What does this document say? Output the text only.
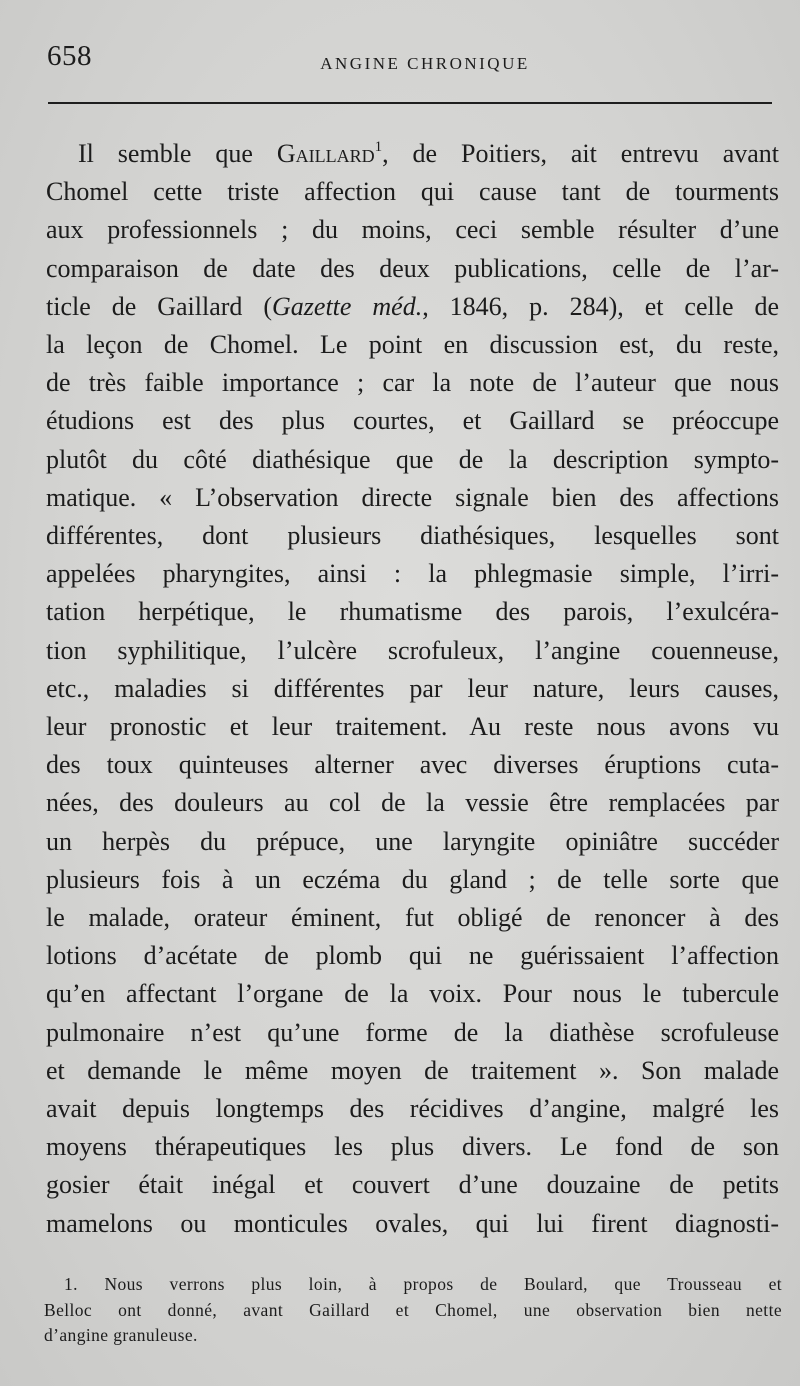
658	ANGINE CHRONIQUE
Il semble que Gaillard$^1$, de Poitiers, ait entrevu avant
Chomel cette triste affection qui cause tant de tourments
aux professionnels ; du moins, ceci semble résulter d’une
comparaison de date des deux publications, celle de l’ar-
ticle de Gaillard (Gazette méd., 1846, p. 284), et celle de
la leçon de Chomel. Le point en discussion est, du reste,
de très faible importance ; car la note de l’auteur que nous
étudions est des plus courtes, et Gaillard se préoccupe
plutôt du côté diathésique que de la description sympto-
matique. « L’observation directe signale bien des affections
différentes, dont plusieurs diathésiques, lesquelles sont
appelées pharyngites, ainsi : la phlegmasie simple, l’irri-
tation herpétique, le rhumatisme des parois, l’exulcéra-
tion syphilitique, l’ulcère scrofuleux, l’angine couenneuse,
etc., maladies si différentes par leur nature, leurs causes,
leur pronostic et leur traitement. Au reste nous avons vu
des toux quinteuses alterner avec diverses éruptions cuta-
nées, des douleurs au col de la vessie être remplacées par
un herpès du prépuce, une laryngite opiniâtre succéder
plusieurs fois à un eczéma du gland ; de telle sorte que
le malade, orateur éminent, fut obligé de renoncer à des
lotions d’acétate de plomb qui ne guérissaient l’affection
qu’en affectant l’organe de la voix. Pour nous le tubercule
pulmonaire n’est qu’une forme de la diathèse scrofuleuse
et demande le même moyen de traitement ». Son malade
avait depuis longtemps des récidives d’angine, malgré les
moyens thérapeutiques les plus divers. Le fond de son
gosier était inégal et couvert d’une douzaine de petits
mamelons ou monticules ovales, qui lui firent diagnosti-
1. Nous verrons plus loin, à propos de Boulard, que Trousseau et
Belloc ont donné, avant Gaillard et Chomel, une observation bien nette
d’angine granuleuse.
